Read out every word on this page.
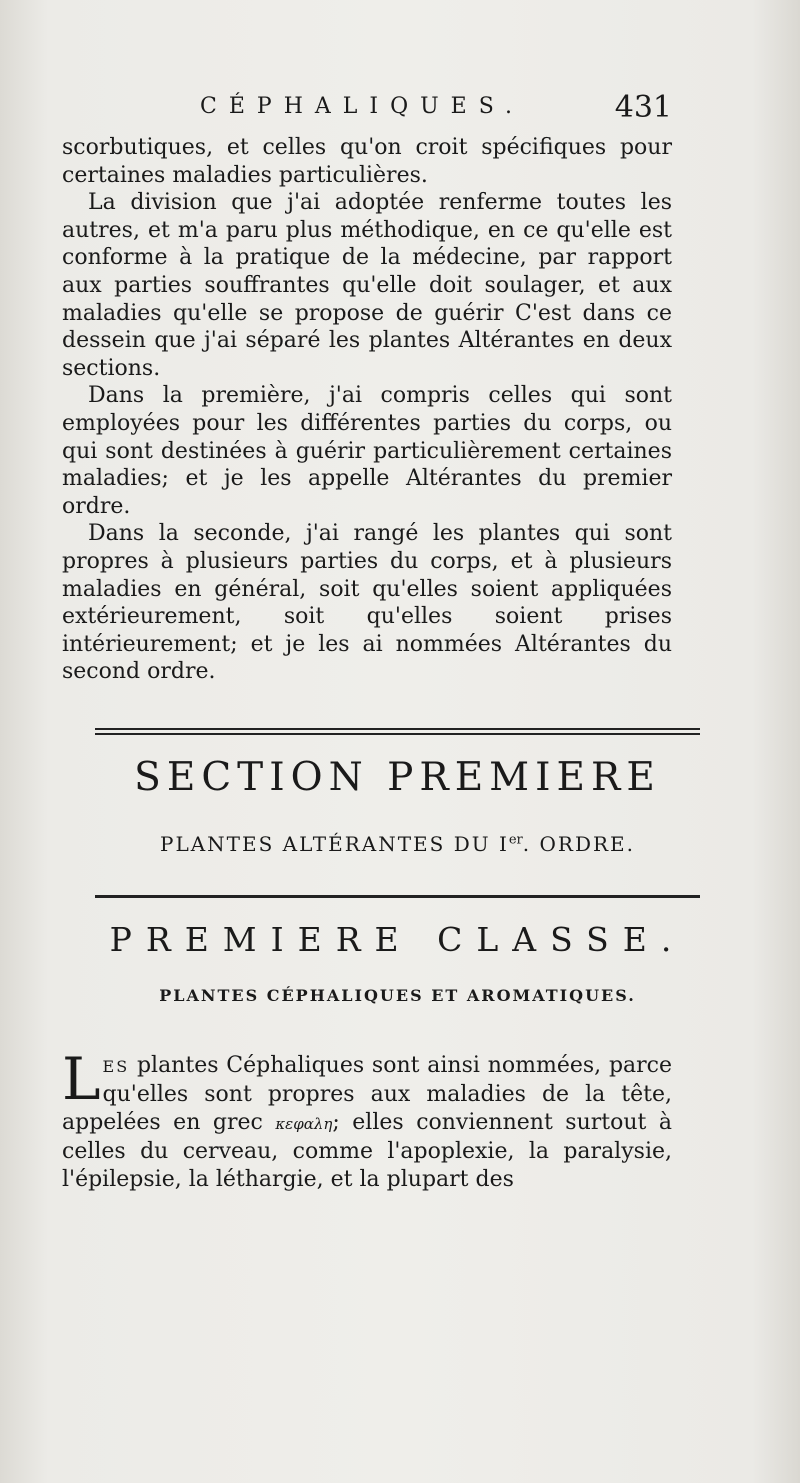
CÉPHALIQUES.	431

scorbutiques, et celles qu'on croit spécifiques pour certaines maladies particulières.

La division que j'ai adoptée renferme toutes les autres, et m'a paru plus méthodique, en ce qu'elle est conforme à la pratique de la médecine, par rapport aux parties souffrantes qu'elle doit soulager, et aux maladies qu'elle se propose de guérir C'est dans ce dessein que j'ai séparé les plantes Altérantes en deux sections.

Dans la première, j'ai compris celles qui sont employées pour les différentes parties du corps, ou qui sont destinées à guérir particulièrement certaines maladies; et je les appelle Altérantes du premier ordre.

Dans la seconde, j'ai rangé les plantes qui sont propres à plusieurs parties du corps, et à plusieurs maladies en général, soit qu'elles soient appliquées extérieurement, soit qu'elles soient prises intérieurement; et je les ai nommées Altérantes du second ordre.

SECTION PREMIERE
PLANTES ALTÉRANTES DU Ier. ORDRE.
PREMIERE CLASSE.
PLANTES CÉPHALIQUES ET AROMATIQUES.

LES plantes Céphaliques sont ainsi nommées, parce qu'elles sont propres aux maladies de la tête, appelées en grec κεφαλη; elles conviennent surtout à celles du cerveau, comme l'apoplexie, la paralysie, l'épilepsie, la léthargie, et la plupart des
